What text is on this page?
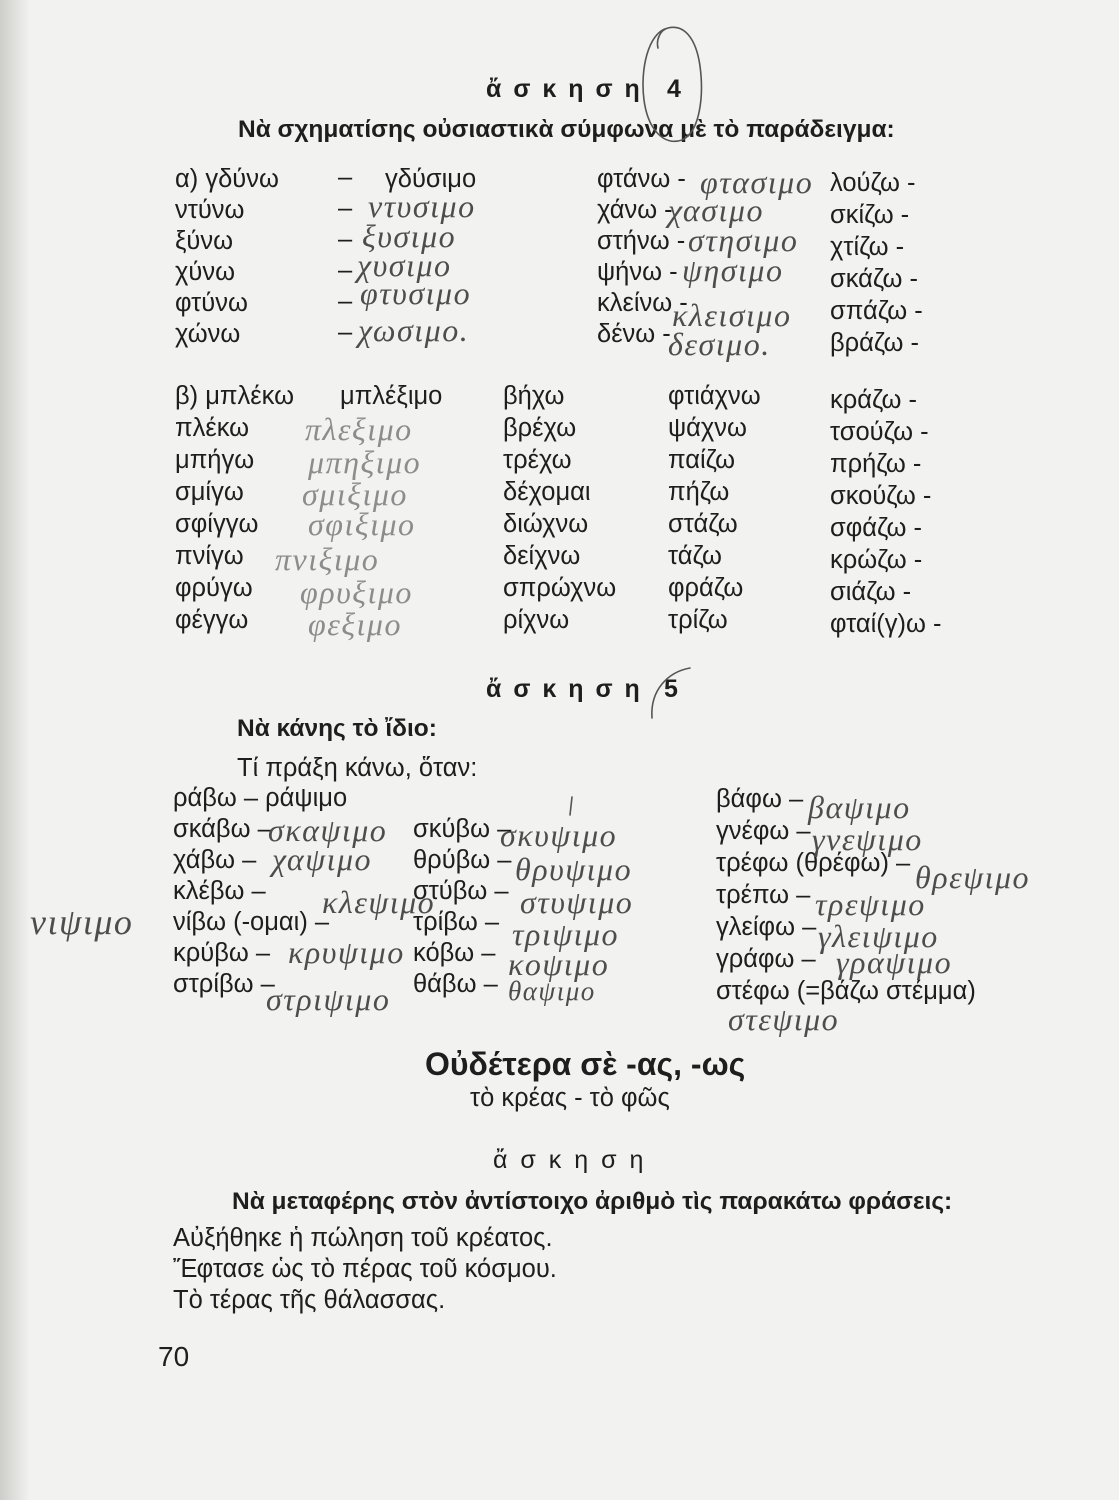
ἄ σ κ η σ η 4
Νὰ σχηματίσης οὐσιαστικὰ σύμφωνα μὲ τὸ παράδειγμα:
α) γδύνω
ντύνω
ξύνω
χύνω
φτύνω
χώνω
–
–
–
–
–
–
γδύσιμο	φτάνω -
χάνω -
στήνω -
ψήνω -
κλείνω -
δένω -
λούζω -
σκίζω -
χτίζω -
σκάζω -
σπάζω -
βράζω -
ντυσιμο
ξυσιμο
χυσιμο
φτυσιμο
χωσιμο.
φτασιμο
χασιμο
στησιμο
ψησιμο
κλεισιμο
δεσιμο.
β) μπλέκω
πλέκω
μπήγω
σμίγω
σφίγγω
πνίγω
φρύγω
φέγγω
μπλέξιμο βήχω
βρέχω
τρέχω
δέχομαι
διώχνω
δείχνω
σπρώχνω
ρίχνω
φτιάχνω
ψάχνω
παίζω
πήζω
στάζω
τάζω
φράζω
τρίζω
κράζω -
τσούζω -
πρήζω -
σκούζω -
σφάζω -
κρώζω -
σιάζω -
φταί(γ)ω -
πλεξιμο
μπηξιμο
σμιξιμο
σφιξιμο
πνιξιμο
φρυξιμο
φεξιμο
ἄ σ κ η σ η 5
Νὰ κάνης τὸ ἴδιο:
Τί πράξη κάνω, ὅταν:
ράβω – ράψιμο
σκάβω –
χάβω –
κλέβω –
νίβω (-ομαι) –
κρύβω –
στρίβω –
σκύβω –
θρύβω –
στύβω –
τρίβω –
κόβω –
θάβω –
βάφω –
γνέφω –
τρέφω (θρέφω) –
τρέπω –
γλείφω –
γράφω –
στέφω (=βάζω στέμμα)
σκαψιμο
χαψιμο
κλεψιμο
νιψιμο
κρυψιμο
στριψιμο
σκυψιμο
θρυψιμο
στυψιμο
τριψιμο
κοψιμο
θαψιμο
βαψιμο
γνεψιμο
θρεψιμο
τρεψιμο
γλειψιμο
γραψιμο
στεψιμο
Οὐδέτερα σὲ -ας, -ως
τὸ κρέας - τὸ φῶς
ἄ σ κ η σ η
Νὰ μεταφέρης στὸν ἀντίστοιχο ἀριθμὸ τὶς παρακάτω φράσεις:
Αὐξήθηκε ἡ πώληση τοῦ κρέατος.
Ἔφτασε ὡς τὸ πέρας τοῦ κόσμου.
Τὸ τέρας τῆς θάλασσας.
70
